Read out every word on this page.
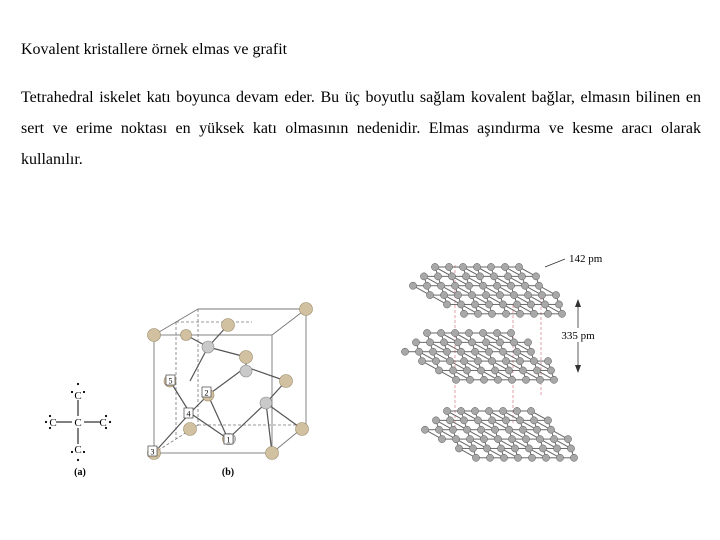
Kovalent kristallere örnek elmas ve grafit

Tetrahedral iskelet katı boyunca devam eder. Bu üç boyutlu sağlam kovalent bağlar, elmasın bilinen en sert ve erime noktası en yüksek katı olmasının nedenidir. Elmas aşındırma ve kesme aracı olarak kullanılır.

C
C C C
C
(a)
5
2
3
4
1
(b)
142 pm
335 pm
